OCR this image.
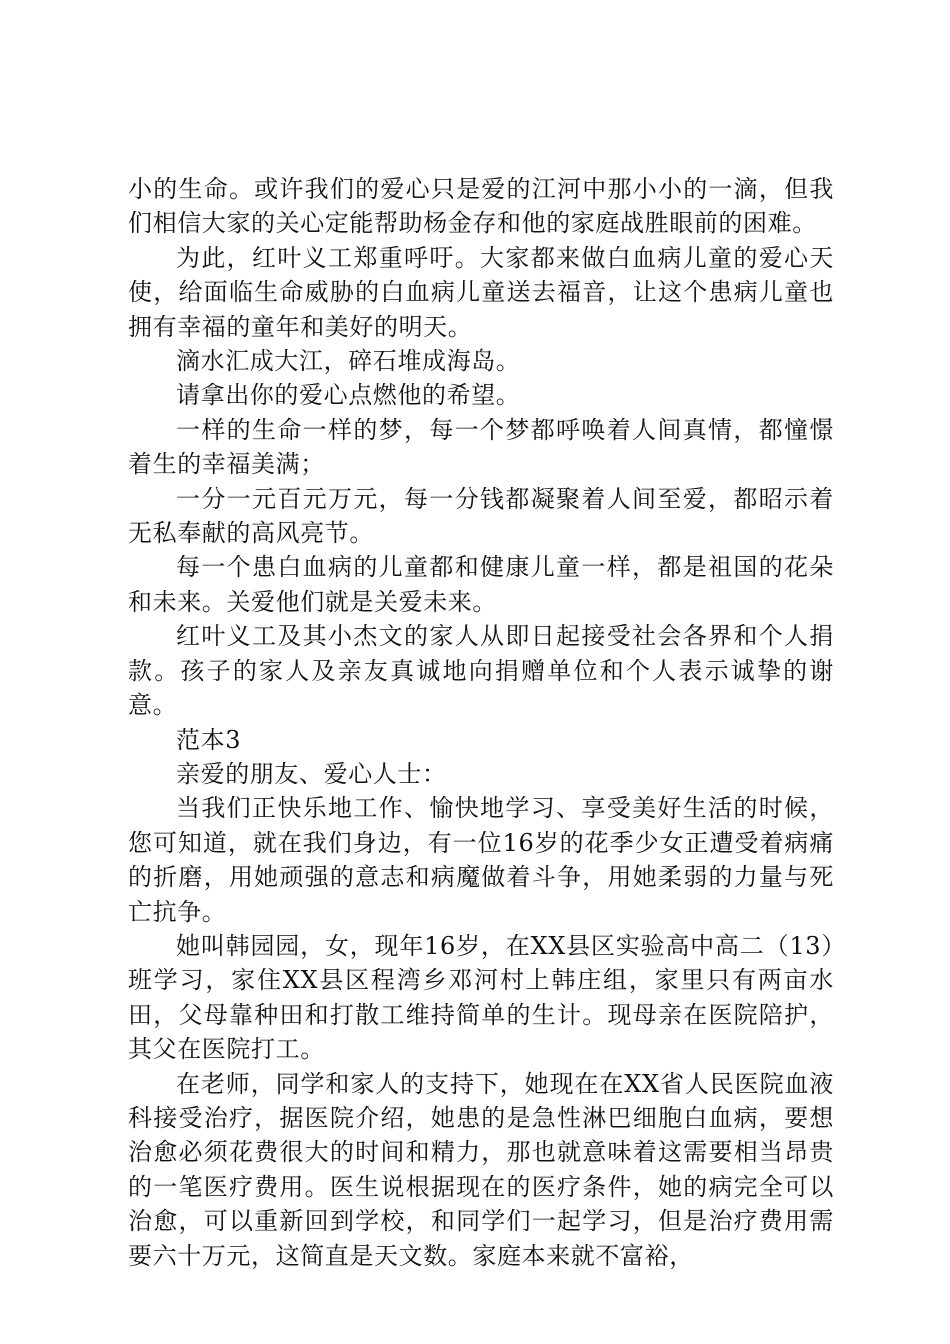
小的生命。或许我们的爱心只是爱的江河中那小小的一滴，但我们相信大家的关心定能帮助杨金存和他的家庭战胜眼前的困难。

为此，红叶义工郑重呼吁。大家都来做白血病儿童的爱心天使，给面临生命威胁的白血病儿童送去福音，让这个患病儿童也拥有幸福的童年和美好的明天。

滴水汇成大江，碎石堆成海岛。

请拿出你的爱心点燃他的希望。

一样的生命一样的梦，每一个梦都呼唤着人间真情，都憧憬着生的幸福美满；

一分一元百元万元，每一分钱都凝聚着人间至爱，都昭示着无私奉献的高风亮节。

每一个患白血病的儿童都和健康儿童一样，都是祖国的花朵和未来。关爱他们就是关爱未来。

红叶义工及其小杰文的家人从即日起接受社会各界和个人捐款。孩子的家人及亲友真诚地向捐赠单位和个人表示诚挚的谢意。

范本3

亲爱的朋友、爱心人士：

当我们正快乐地工作、愉快地学习、享受美好生活的时候，您可知道，就在我们身边，有一位16岁的花季少女正遭受着病痛的折磨，用她顽强的意志和病魔做着斗争，用她柔弱的力量与死亡抗争。

她叫韩园园，女，现年16岁，在XX县区实验高中高二（13）班学习，家住XX县区程湾乡邓河村上韩庄组，家里只有两亩水田，父母靠种田和打散工维持简单的生计。现母亲在医院陪护，其父在医院打工。

在老师，同学和家人的支持下，她现在在XX省人民医院血液科接受治疗，据医院介绍，她患的是急性淋巴细胞白血病，要想治愈必须花费很大的时间和精力，那也就意味着这需要相当昂贵的一笔医疗费用。医生说根据现在的医疗条件，她的病完全可以治愈，可以重新回到学校，和同学们一起学习，但是治疗费用需要六十万元，这简直是天文数。家庭本来就不富裕，
